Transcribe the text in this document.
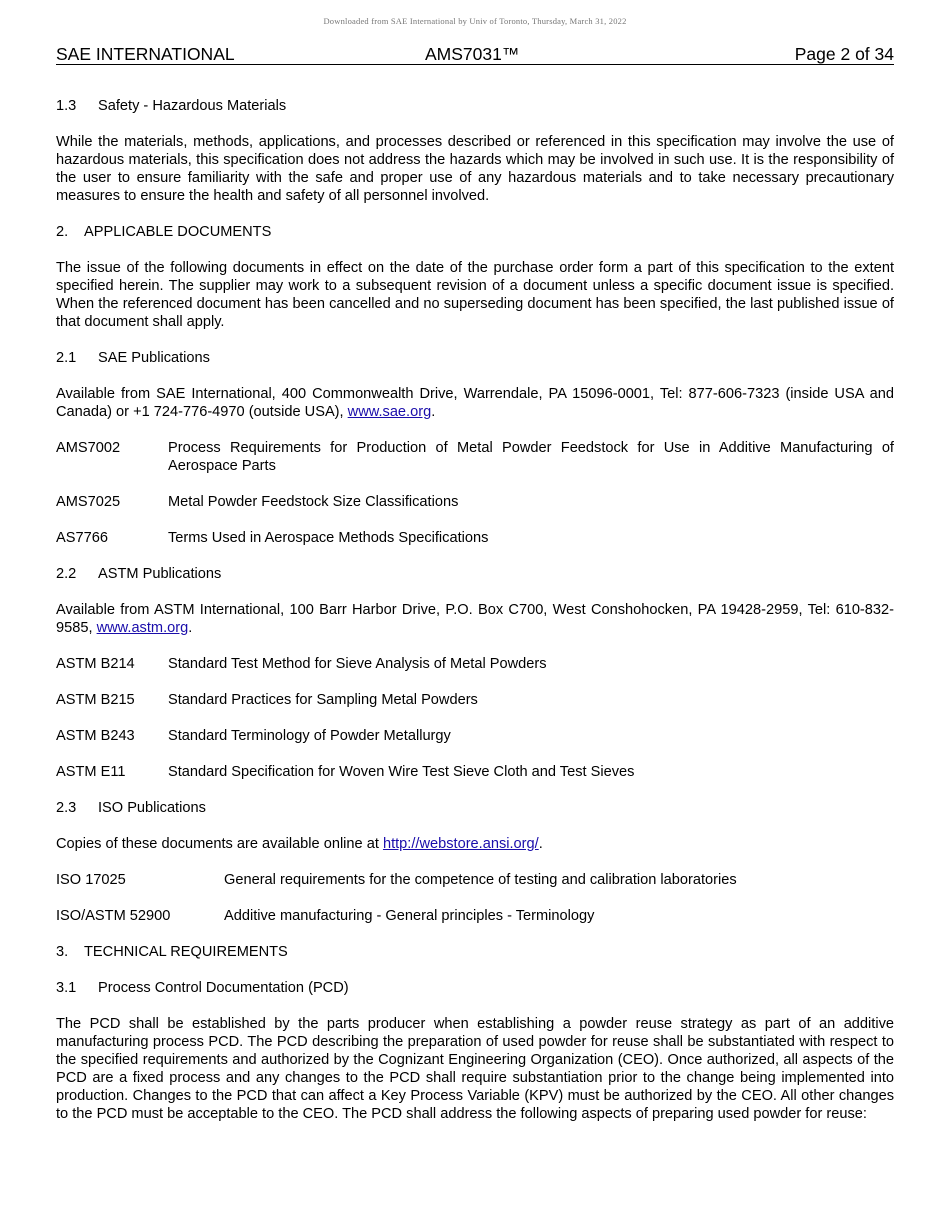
Downloaded from SAE International by Univ of Toronto, Thursday, March 31, 2022
SAE INTERNATIONAL	AMS7031™	Page 2 of 34

1.3 Safety - Hazardous Materials

While the materials, methods, applications, and processes described or referenced in this specification may involve the use of hazardous materials, this specification does not address the hazards which may be involved in such use. It is the responsibility of the user to ensure familiarity with the safe and proper use of any hazardous materials and to take necessary precautionary measures to ensure the health and safety of all personnel involved.

2. APPLICABLE DOCUMENTS

The issue of the following documents in effect on the date of the purchase order form a part of this specification to the extent specified herein. The supplier may work to a subsequent revision of a document unless a specific document issue is specified. When the referenced document has been cancelled and no superseding document has been specified, the last published issue of that document shall apply.

2.1 SAE Publications

Available from SAE International, 400 Commonwealth Drive, Warrendale, PA 15096-0001, Tel: 877-606-7323 (inside USA and Canada) or +1 724-776-4970 (outside USA), www.sae.org.

AMS7002	Process Requirements for Production of Metal Powder Feedstock for Use in Additive Manufacturing of Aerospace Parts
AMS7025	Metal Powder Feedstock Size Classifications
AS7766	Terms Used in Aerospace Methods Specifications

2.2 ASTM Publications

Available from ASTM International, 100 Barr Harbor Drive, P.O. Box C700, West Conshohocken, PA 19428-2959, Tel: 610-832-9585, www.astm.org.

ASTM B214	Standard Test Method for Sieve Analysis of Metal Powders
ASTM B215	Standard Practices for Sampling Metal Powders
ASTM B243	Standard Terminology of Powder Metallurgy
ASTM E11	Standard Specification for Woven Wire Test Sieve Cloth and Test Sieves

2.3 ISO Publications

Copies of these documents are available online at http://webstore.ansi.org/.

ISO 17025	General requirements for the competence of testing and calibration laboratories
ISO/ASTM 52900	Additive manufacturing - General principles - Terminology

3. TECHNICAL REQUIREMENTS

3.1 Process Control Documentation (PCD)

The PCD shall be established by the parts producer when establishing a powder reuse strategy as part of an additive manufacturing process PCD. The PCD describing the preparation of used powder for reuse shall be substantiated with respect to the specified requirements and authorized by the Cognizant Engineering Organization (CEO). Once authorized, all aspects of the PCD are a fixed process and any changes to the PCD shall require substantiation prior to the change being implemented into production. Changes to the PCD that can affect a Key Process Variable (KPV) must be authorized by the CEO. All other changes to the PCD must be acceptable to the CEO. The PCD shall address the following aspects of preparing used powder for reuse:
